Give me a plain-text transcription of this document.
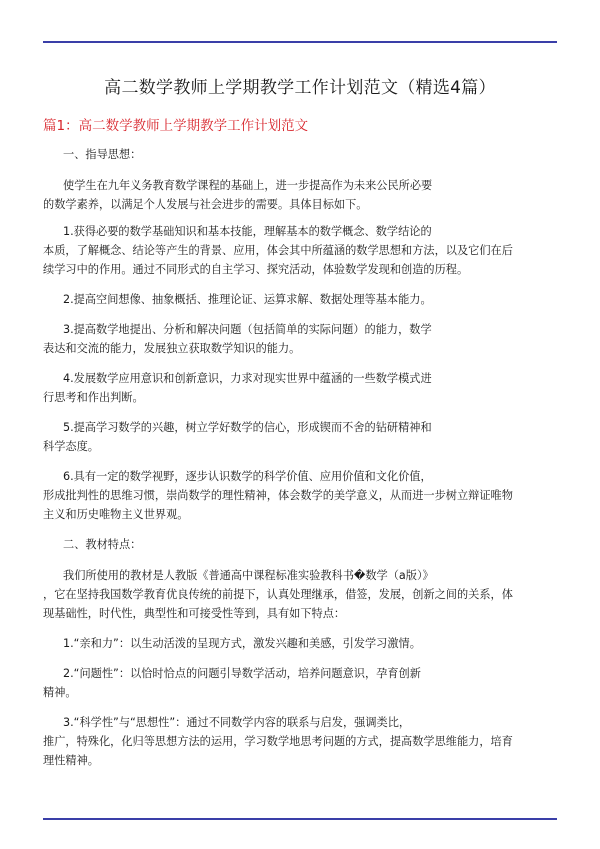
高二数学教师上学期教学工作计划范文（精选4篇）
篇1：高二数学教师上学期教学工作计划范文

一、指导思想：

使学生在九年义务教育数学课程的基础上，进一步提高作为未来公民所必要

的数学素养，以满足个人发展与社会进步的需要。具体目标如下。

1.获得必要的数学基础知识和基本技能，理解基本的数学概念、数学结论的

本质，了解概念、结论等产生的背景、应用，体会其中所蕴涵的数学思想和方法，以及它们在后

续学习中的作用。通过不同形式的自主学习、探究活动，体验数学发现和创造的历程。

2.提高空间想像、抽象概括、推理论证、运算求解、数据处理等基本能力。

3.提高数学地提出、分析和解决问题（包括简单的实际问题）的能力，数学

表达和交流的能力，发展独立获取数学知识的能力。

4.发展数学应用意识和创新意识，力求对现实世界中蕴涵的一些数学模式进

行思考和作出判断。

5.提高学习数学的兴趣，树立学好数学的信心，形成锲而不舍的钻研精神和

科学态度。

6.具有一定的数学视野，逐步认识数学的科学价值、应用价值和文化价值，

形成批判性的思维习惯，崇尚数学的理性精神，体会数学的美学意义，从而进一步树立辩证唯物

主义和历史唯物主义世界观。

二、教材特点：

我们所使用的教材是人教版《普通高中课程标准实验教科书�数学（a版）》

，它在坚持我国数学教育优良传统的前提下，认真处理继承，借签，发展，创新之间的关系，体

现基础性，时代性，典型性和可接受性等到，具有如下特点：

1.“亲和力”：以生动活泼的呈现方式，激发兴趣和美感，引发学习激情。

2.“问题性”：以恰时恰点的问题引导数学活动，培养问题意识，孕育创新

精神。

3.“科学性”与“思想性”：通过不同数学内容的联系与启发，强调类比，

推广，特殊化，化归等思想方法的运用，学习数学地思考问题的方式，提高数学思维能力，培育

理性精神。
